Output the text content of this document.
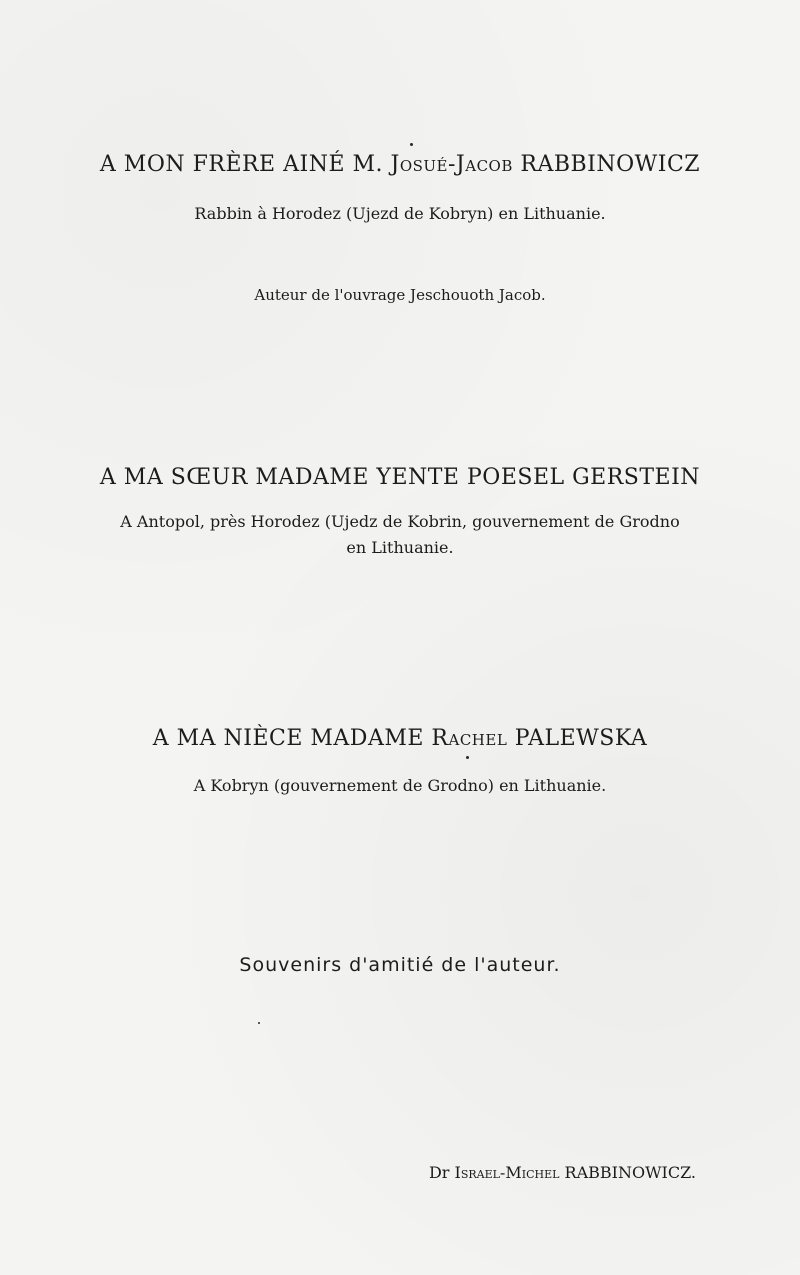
A MON FRÈRE AINÉ M. Josué-Jacob RABBINOWICZ
Rabbin à Horodez (Ujezd de Kobryn) en Lithuanie.
Auteur de l'ouvrage Jeschouoth Jacob.
A MA SŒUR MADAME YENTE POESEL GERSTEIN
A Antopol, près Horodez (Ujedz de Kobrin, gouvernement de Grodno
en Lithuanie.
A MA NIÈCE MADAME Rachel PALEWSKA
A Kobryn (gouvernement de Grodno) en Lithuanie.
Souvenirs d'amitié de l'auteur.
Dr Israel-Michel RABBINOWICZ.
